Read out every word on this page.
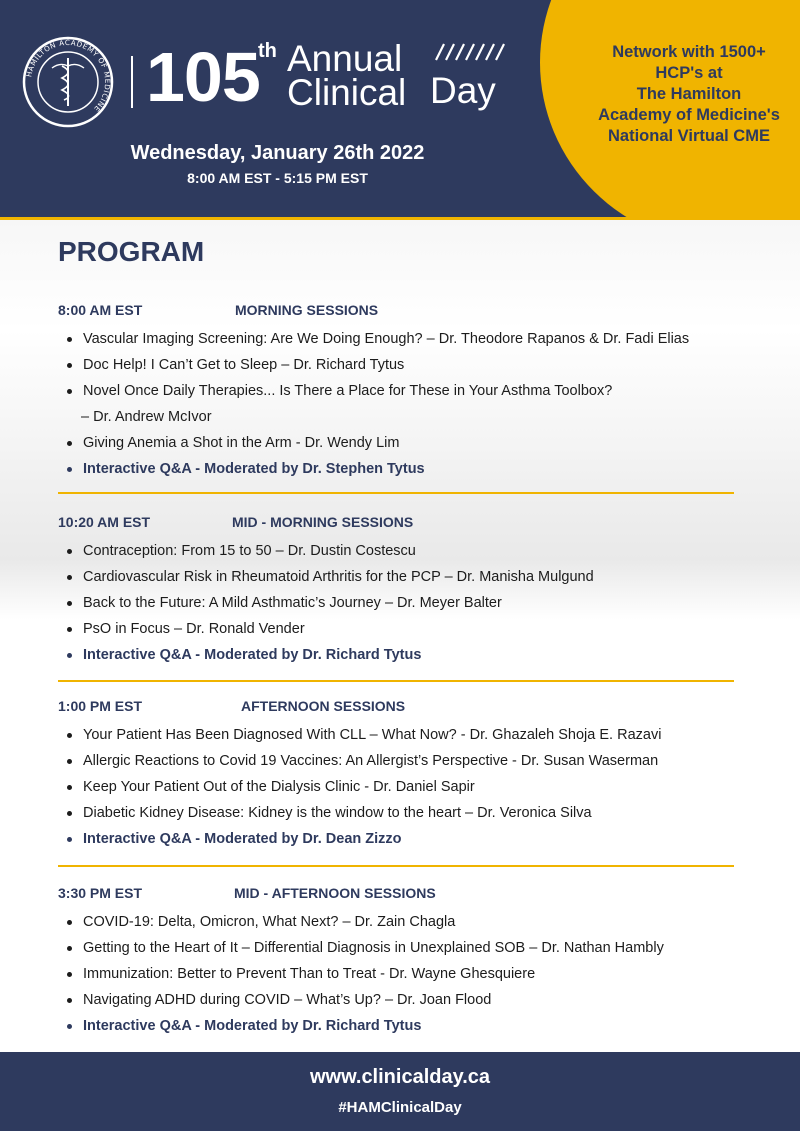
Network with 1500+
HCP's at
The Hamilton
Academy of Medicine's
National Virtual CME
HAMILTON ACADEMY OF MEDICINE 105
th Annual
Clinical Day
Wednesday, January 26th 2022
8:00 AM EST - 5:15 PM EST
PROGRAM
8:00 AM EST	MORNING SESSIONS
Vascular Imaging Screening: Are We Doing Enough? – Dr. Theodore Rapanos & Dr. Fadi Elias
Doc Help! I Can’t Get to Sleep – Dr. Richard Tytus
Novel Once Daily Therapies... Is There a Place for These in Your Asthma Toolbox?
– Dr. Andrew McIvor
Giving Anemia a Shot in the Arm - Dr. Wendy Lim
Interactive Q&A - Moderated by Dr. Stephen Tytus
10:20 AM EST	MID - MORNING SESSIONS
Contraception: From 15 to 50 – Dr. Dustin Costescu
Cardiovascular Risk in Rheumatoid Arthritis for the PCP – Dr. Manisha Mulgund
Back to the Future: A Mild Asthmatic’s Journey – Dr. Meyer Balter
PsO in Focus – Dr. Ronald Vender
Interactive Q&A - Moderated by Dr. Richard Tytus
1:00 PM EST	AFTERNOON SESSIONS
Your Patient Has Been Diagnosed With CLL – What Now? - Dr. Ghazaleh Shoja E. Razavi
Allergic Reactions to Covid 19 Vaccines: An Allergist’s Perspective - Dr. Susan Waserman
Keep Your Patient Out of the Dialysis Clinic - Dr. Daniel Sapir
Diabetic Kidney Disease: Kidney is the window to the heart – Dr. Veronica Silva
Interactive Q&A - Moderated by Dr. Dean Zizzo
3:30 PM EST	MID - AFTERNOON SESSIONS
COVID-19: Delta, Omicron, What Next? – Dr. Zain Chagla
Getting to the Heart of It – Differential Diagnosis in Unexplained SOB – Dr. Nathan Hambly
Immunization: Better to Prevent Than to Treat - Dr. Wayne Ghesquiere
Navigating ADHD during COVID – What’s Up? – Dr. Joan Flood
Interactive Q&A - Moderated by Dr. Richard Tytus
www.clinicalday.ca
#HAMClinicalDay
